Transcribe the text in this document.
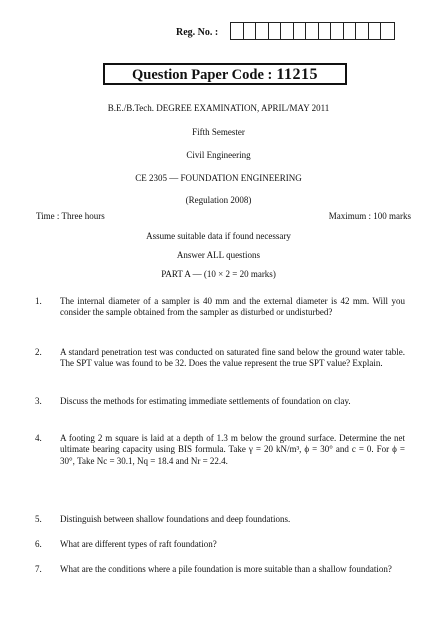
Reg. No. :
Question Paper Code : 11215
B.E./B.Tech. DEGREE EXAMINATION, APRIL/MAY 2011
Fifth Semester
Civil Engineering
CE 2305 — FOUNDATION ENGINEERING
(Regulation 2008)
Time : Three hours	Maximum : 100 marks
Assume suitable data if found necessary
Answer ALL questions
PART A — (10 × 2 = 20 marks)
1. The internal diameter of a sampler is 40 mm and the external diameter is 42 mm. Will you consider the sample obtained from the sampler as disturbed or undisturbed?
2. A standard penetration test was conducted on saturated fine sand below the ground water table. The SPT value was found to be 32. Does the value represent the true SPT value? Explain.
3. Discuss the methods for estimating immediate settlements of foundation on clay.
4. A footing 2 m square is laid at a depth of 1.3 m below the ground surface. Determine the net ultimate bearing capacity using BIS formula. Take γ = 20 kN/m³, ϕ = 30° and c = 0. For ϕ = 30°, Take Nc = 30.1, Nq = 18.4 and Nr = 22.4.
5. Distinguish between shallow foundations and deep foundations.
6. What are different types of raft foundation?
7. What are the conditions where a pile foundation is more suitable than a shallow foundation?
